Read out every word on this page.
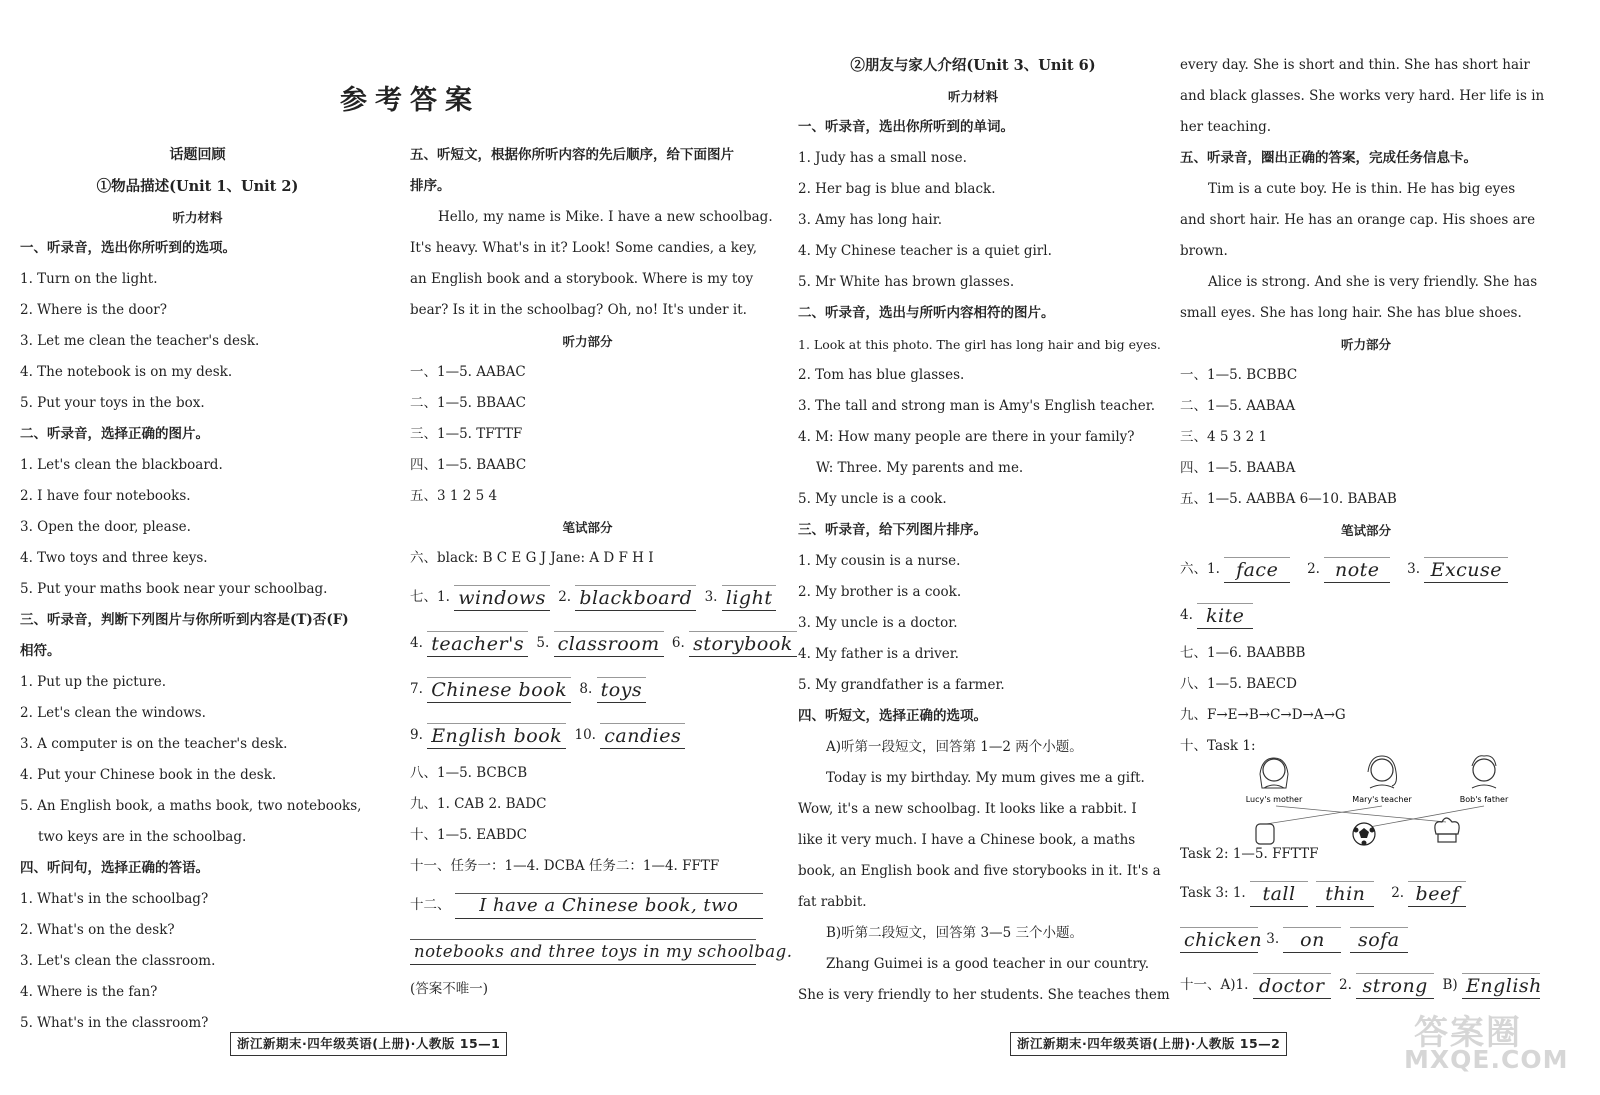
参考答案
话题回顾
①物品描述(Unit 1、Unit 2)
听力材料
一、听录音，选出你所听到的选项。
1. Turn on the light.
2. Where is the door?
3. Let me clean the teacher's desk.
4. The notebook is on my desk.
5. Put your toys in the box.
二、听录音，选择正确的图片。
1. Let's clean the blackboard.
2. I have four notebooks.
3. Open the door, please.
4. Two toys and three keys.
5. Put your maths book near your schoolbag.
三、听录音，判断下列图片与你所听到内容是(T)否(F)
相符。
1. Put up the picture.
2. Let's clean the windows.
3. A computer is on the teacher's desk.
4. Put your Chinese book in the desk.
5. An English book, a maths book, two notebooks,
two keys are in the schoolbag.
四、听问句，选择正确的答语。
1. What's in the schoolbag?
2. What's on the desk?
3. Let's clean the classroom.
4. Where is the fan?
5. What's in the classroom?
五、听短文，根据你所听内容的先后顺序，给下面图片
排序。
Hello, my name is Mike. I have a new schoolbag.
It's heavy. What's in it? Look! Some candies, a key,
an English book and a storybook. Where is my toy
bear? Is it in the schoolbag? Oh, no! It's under it.
听力部分
一、1—5. AABAC
二、1—5. BBAAC
三、1—5. TFTTF
四、1—5. BAABC
五、3 1 2 5 4
笔试部分
六、black: B C E G J Jane: A D F H I
七、1. windows 2. blackboard 3. light
4. teacher's 5. classroom 6. storybook
7. Chinese book 8. toys
9. English book 10. candies
八、1—5. BCBCB
九、1. CAB 2. BADC
十、1—5. EABDC
十一、任务一：1—4. DCBA 任务二：1—4. FFTF
十二、 I have a Chinese book, two
notebooks and three toys in my schoolbag.
(答案不唯一)
②朋友与家人介绍(Unit 3、Unit 6)
听力材料
一、听录音，选出你所听到的单词。
1. Judy has a small nose.
2. Her bag is blue and black.
3. Amy has long hair.
4. My Chinese teacher is a quiet girl.
5. Mr White has brown glasses.
二、听录音，选出与所听内容相符的图片。
1. Look at this photo. The girl has long hair and big eyes.
2. Tom has blue glasses.
3. The tall and strong man is Amy's English teacher.
4. M: How many people are there in your family?
W: Three. My parents and me.
5. My uncle is a cook.
三、听录音，给下列图片排序。
1. My cousin is a nurse.
2. My brother is a cook.
3. My uncle is a doctor.
4. My father is a driver.
5. My grandfather is a farmer.
四、听短文，选择正确的选项。
A)听第一段短文，回答第 1—2 两个小题。
Today is my birthday. My mum gives me a gift.
Wow, it's a new schoolbag. It looks like a rabbit. I
like it very much. I have a Chinese book, a maths
book, an English book and five storybooks in it. It's a
fat rabbit.
B)听第二段短文，回答第 3—5 三个小题。
Zhang Guimei is a good teacher in our country.
She is very friendly to her students. She teaches them
every day. She is short and thin. She has short hair
and black glasses. She works very hard. Her life is in
her teaching.
五、听录音，圈出正确的答案，完成任务信息卡。
Tim is a cute boy. He is thin. He has big eyes
and short hair. He has an orange cap. His shoes are
brown.
Alice is strong. And she is very friendly. She has
small eyes. She has long hair. She has blue shoes.
听力部分
一、1—5. BCBBC
二、1—5. AABAA
三、4 5 3 2 1
四、1—5. BAABA
五、1—5. AABBA 6—10. BABAB
笔试部分
六、1. face 2. note 3. Excuse
4. kite
七、1—6. BAABBB
八、1—5. BAECD
九、F→E→B→C→D→A→G
十、Task 1:
Task 2: 1—5. FFTTF
Task 3: 1. tall thin 2. beef
chicken 3. on sofa
十一、A)1. doctor 2. strong B) English
Lucy's mother	Mary's teacher	Bob's father
浙江新期末·四年级英语(上册)·人教版 15—1	浙江新期末·四年级英语(上册)·人教版 15—2	答案圈
MXQE.COM
